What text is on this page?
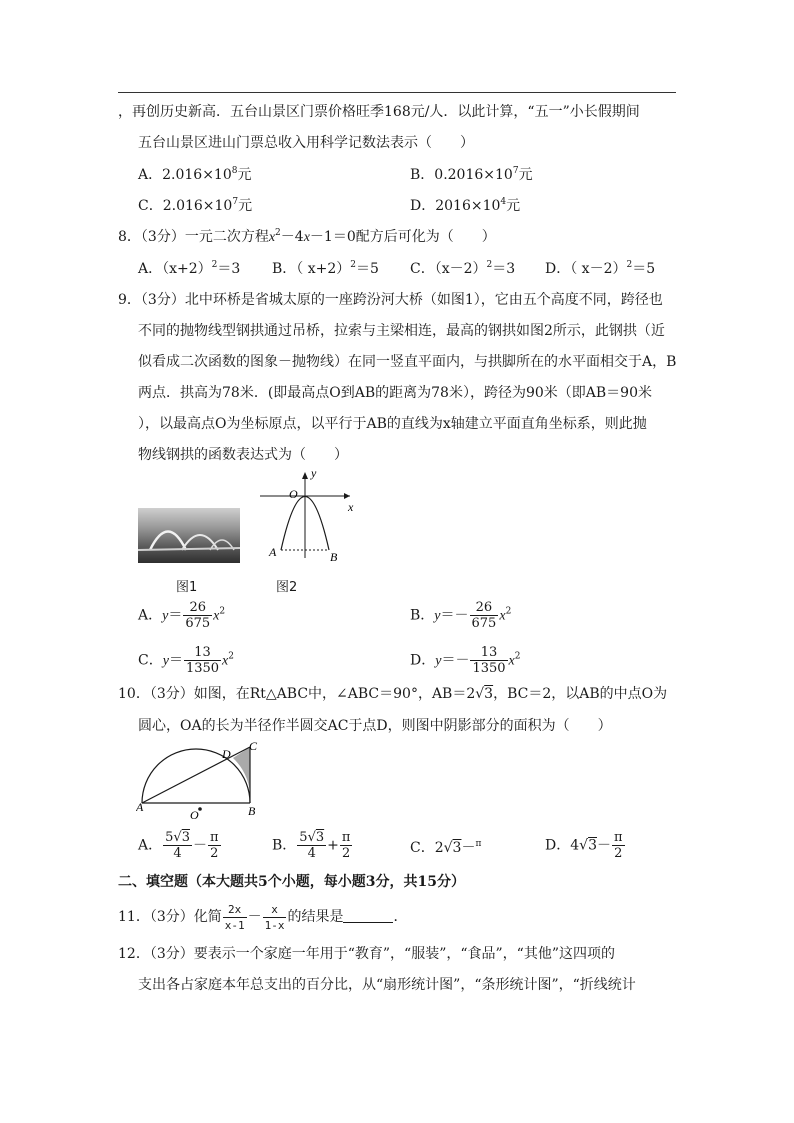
，再创历史新高．五台山景区门票价格旺季168元/人．以此计算，“五一”小长假期间
五台山景区进山门票总收入用科学记数法表示（　　）
A．$2.016\times 10^8$元	B．$0.2016\times 10^7$元
C．$2.016\times 10^7$元	D．$2016\times 10^4$元
8．（3分）一元二次方程$x^2-4x-1=0$配方后可化为（　　）
A．$(x+2)^2=3$ B．（ x+2）$^2$＝5 C．$(x-2)^2=3$ D．（ x－2）$^2$＝5
9．（3分）北中环桥是省城太原的一座跨汾河大桥（如图1），它由五个高度不同，跨径也
不同的抛物线型钢拱通过吊桥，拉索与主梁相连，最高的钢拱如图2所示，此钢拱（近
似看成二次函数的图象－抛物线）在同一竖直平面内，与拱脚所在的水平面相交于A，B
两点．拱高为78米．(即最高点O到AB的距离为78米），跨径为90米（即AB＝90米
），以最高点O为坐标原点，以平行于AB的直线为x轴建立平面直角坐标系，则此抛
物线钢拱的函数表达式为（　　）
图1
y
x
O
A	B
图2
A．$y= \frac{26}{675} x^2$	B．$y=- \frac{26}{675} x^2$
C．$y= \frac{13}{1350} x^2$	D．$y=- \frac{13}{1350} x^2$
10．（3分）如图，在Rt△ABC中，∠ABC＝90°，AB＝2√3，BC＝2，以AB的中点O为
圆心，OA的长为半径作半圆交AC于点D，则图中阴影部分的面积为（　　）
A	B
C
D
O
A． $\frac{5√3}{4} - \frac{\pi}{2}$	B． $\frac{5√3}{4} + \frac{\pi}{2}$	C．2√3－$^\pi$	D．$4√3- \frac{\pi}{2}$
二、填空题（本大题共5个小题，每小题3分，共15分）
11．（3分）化简 $\frac{2x}{x-1} - \frac{x}{1-x}$ 的结果是	．
12．（3分）要表示一个家庭一年用于“教育”，“服装”，“食品”，“其他”这四项的
支出各占家庭本年总支出的百分比，从“扇形统计图”，“条形统计图”，“折线统计
